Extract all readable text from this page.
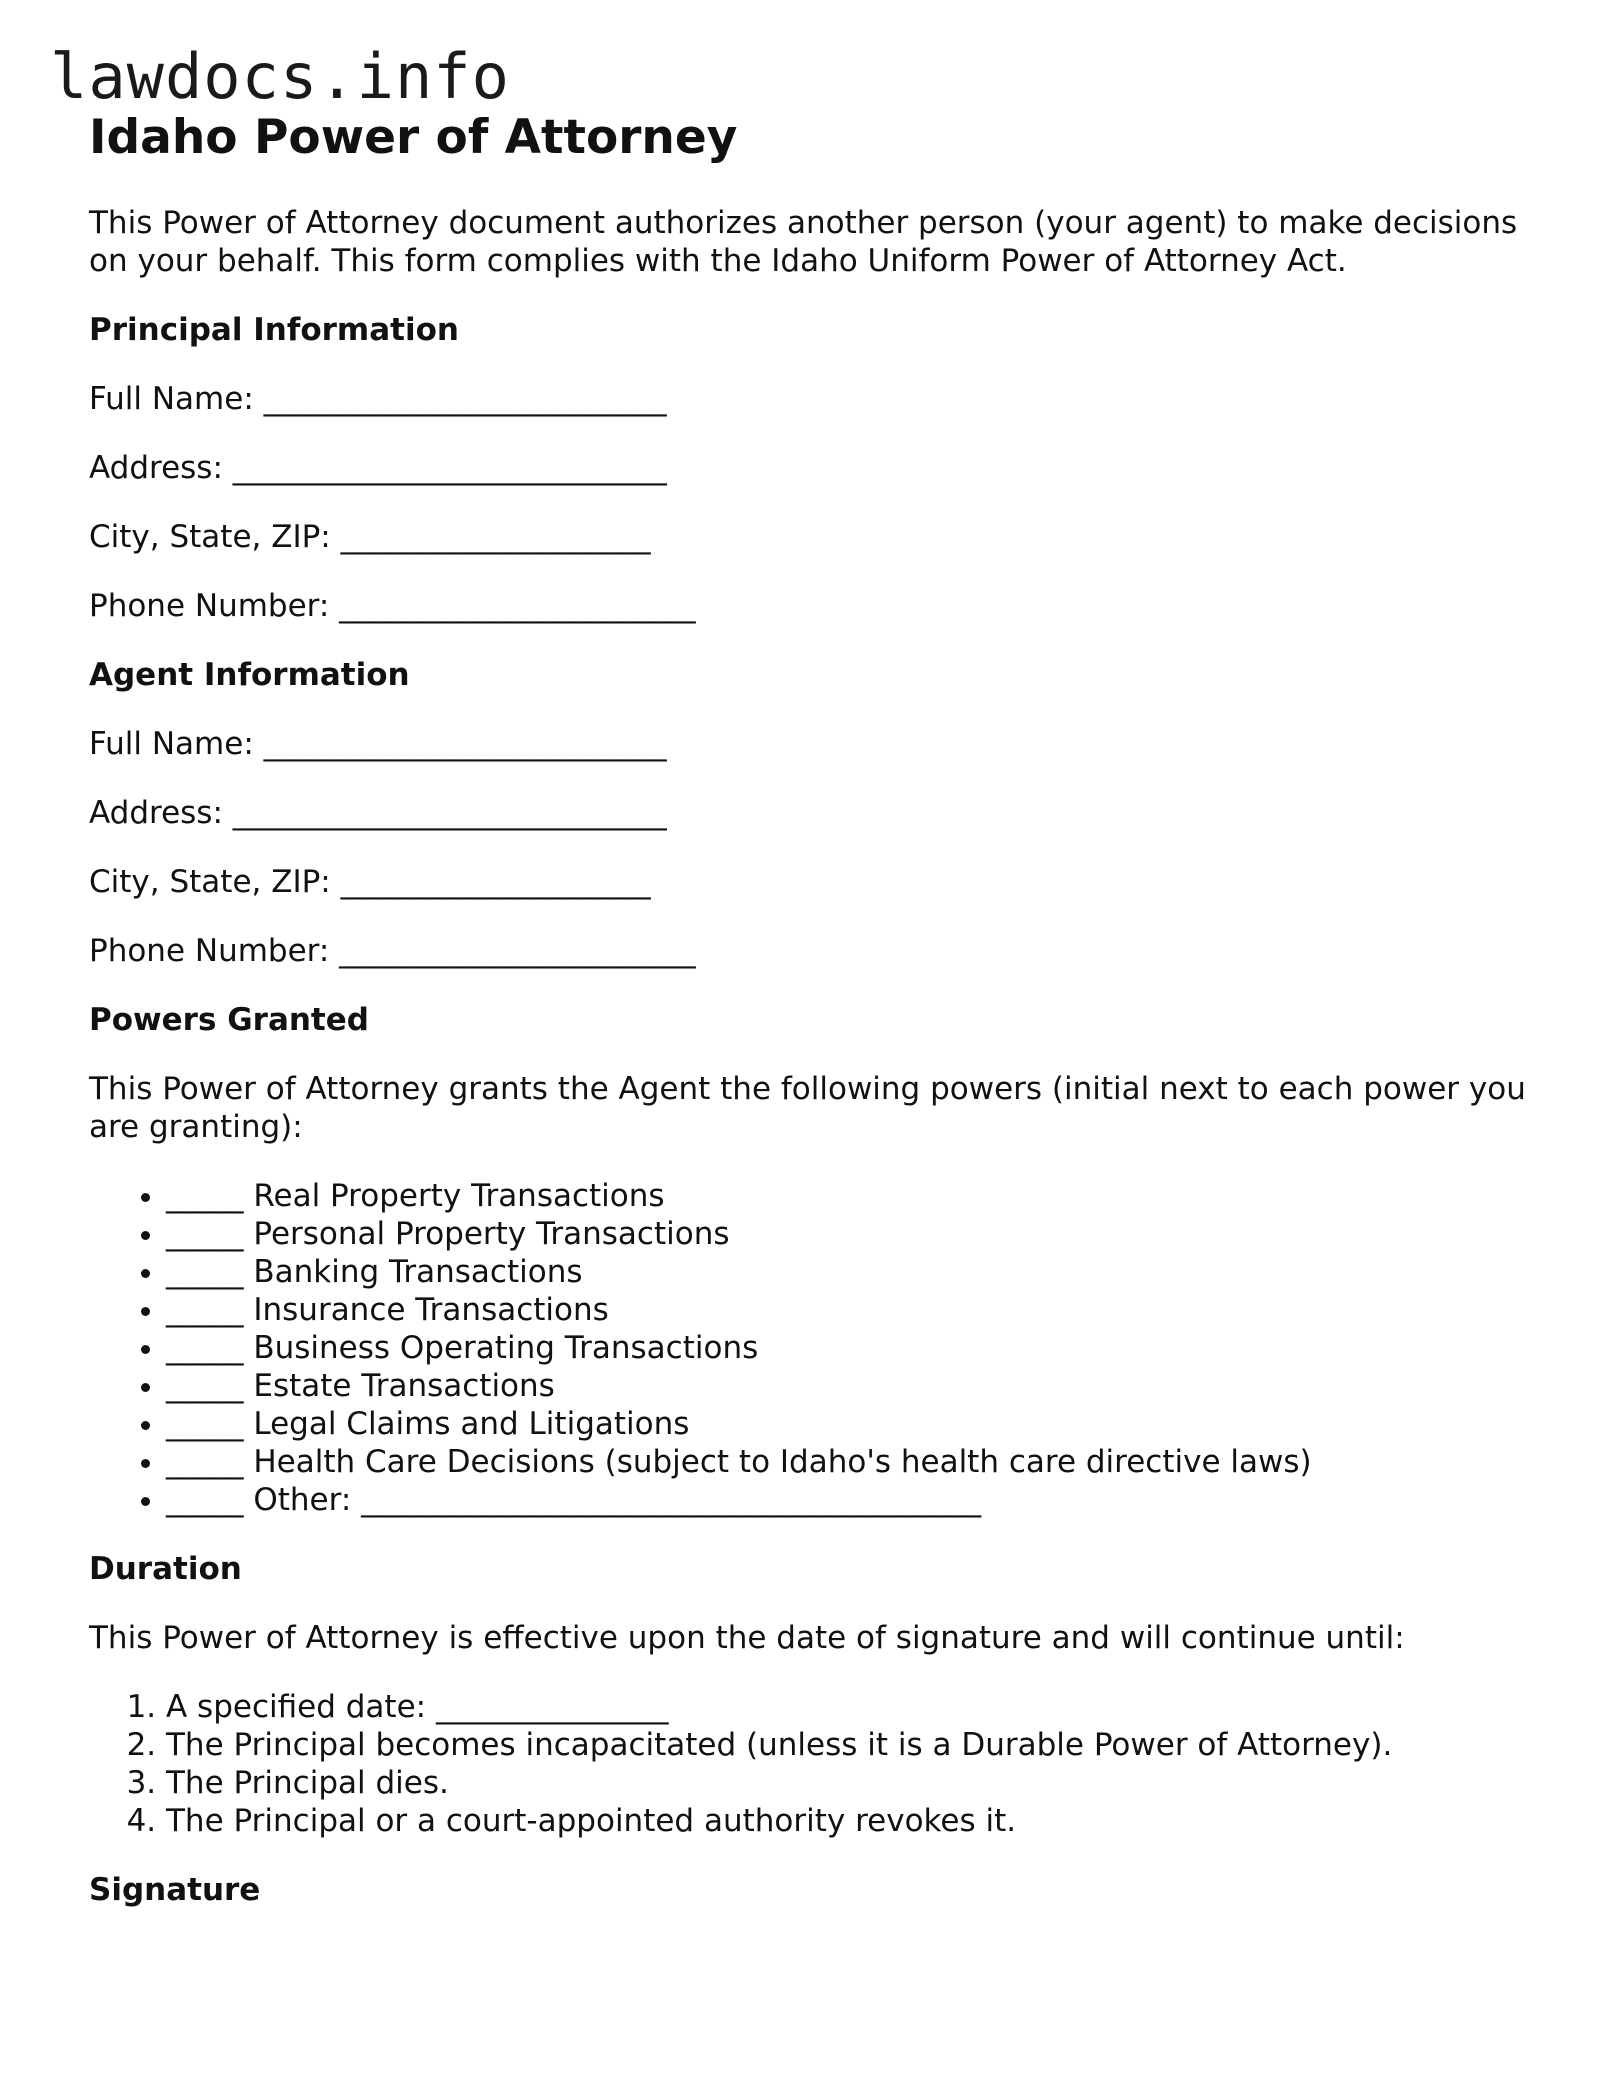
lawdocs.info
Idaho Power of Attorney

This Power of Attorney document authorizes another person (your agent) to make decisions on your behalf. This form complies with the Idaho Uniform Power of Attorney Act.

Principal Information

Full Name: __________________________

Address: ____________________________

City, State, ZIP: ____________________

Phone Number: _______________________

Agent Information

Full Name: __________________________

Address: ____________________________

City, State, ZIP: ____________________

Phone Number: _______________________

Powers Granted

This Power of Attorney grants the Agent the following powers (initial next to each power you are granting):

• _____ Real Property Transactions
• _____ Personal Property Transactions
• _____ Banking Transactions
• _____ Insurance Transactions
• _____ Business Operating Transactions
• _____ Estate Transactions
• _____ Legal Claims and Litigations
• _____ Health Care Decisions (subject to Idaho's health care directive laws)
• _____ Other: ________________________________________

Duration

This Power of Attorney is effective upon the date of signature and will continue until:

1. A specified date: _______________
2. The Principal becomes incapacitated (unless it is a Durable Power of Attorney).
3. The Principal dies.
4. The Principal or a court-appointed authority revokes it.

Signature
